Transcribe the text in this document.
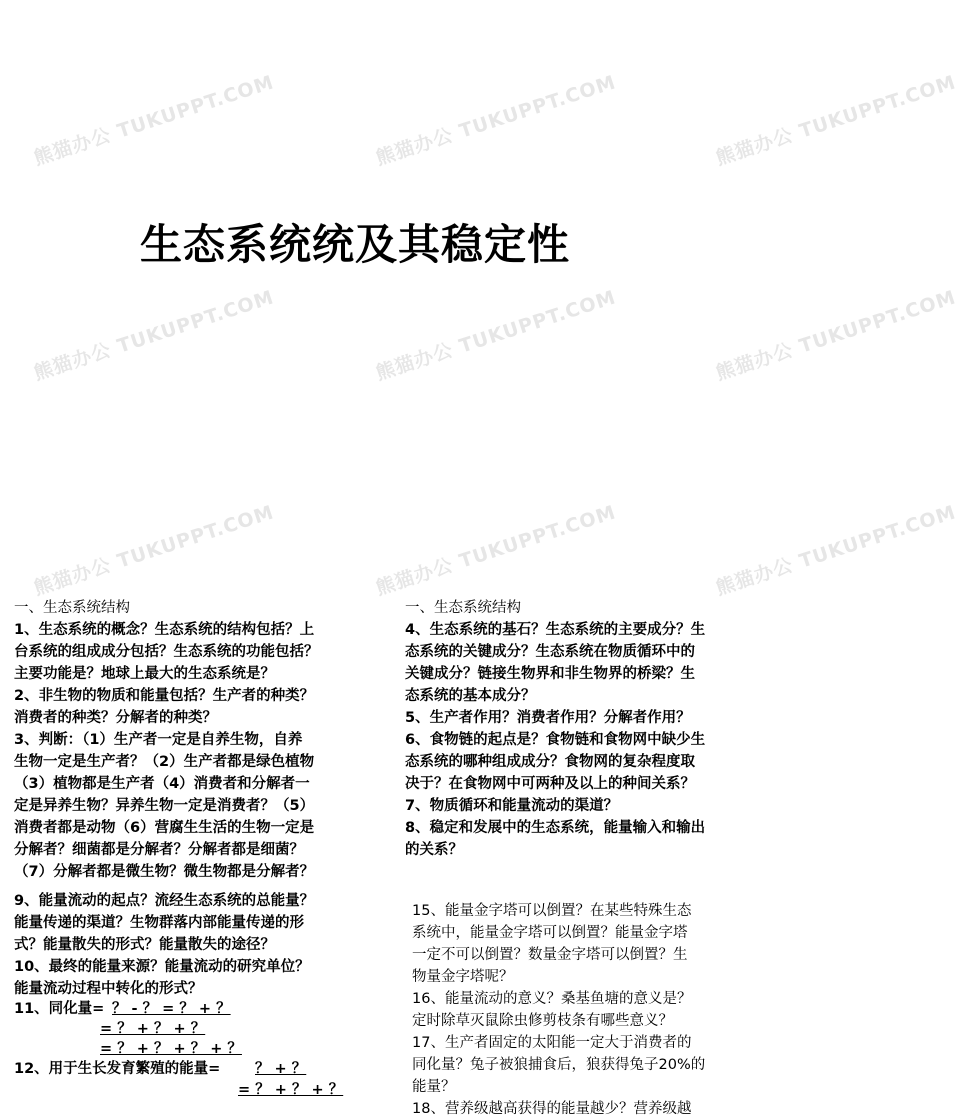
熊猫办公 TUKUPPT.COM	熊猫办公 TUKUPPT.COM	熊猫办公 TUKUPPT.COM
熊猫办公 TUKUPPT.COM	熊猫办公 TUKUPPT.COM	熊猫办公 TUKUPPT.COM
熊猫办公 TUKUPPT.COM	熊猫办公 TUKUPPT.COM	熊猫办公 TUKUPPT.COM
生态系统统及其稳定性

一、生态系统结构

1、生态系统的概念？生态系统的结构包括？上

台系统的组成成分包括？生态系统的功能包括？

主要功能是？地球上最大的生态系统是？

2、非生物的物质和能量包括？生产者的种类？

消费者的种类？分解者的种类？

3、判断：（1）生产者一定是自养生物，自养

生物一定是生产者？（2）生产者都是绿色植物

（3）植物都是生产者（4）消费者和分解者一

定是异养生物？异养生物一定是消费者？（5）

消费者都是动物（6）营腐生生活的生物一定是

分解者？细菌都是分解者？分解者都是细菌？

（7）分解者都是微生物？微生物都是分解者？

一、生态系统结构

4、生态系统的基石？生态系统的主要成分？生

态系统的关键成分？生态系统在物质循环中的

关键成分？链接生物界和非生物界的桥梁？生

态系统的基本成分？

5、生产者作用？消费者作用？分解者作用？

6、食物链的起点是？食物链和食物网中缺少生

态系统的哪种组成成分？食物网的复杂程度取

决于？在食物网中可两种及以上的种间关系？

7、物质循环和能量流动的渠道？

8、稳定和发展中的生态系统，能量输入和输出

的关系？

9、能量流动的起点？流经生态系统的总能量？

能量传递的渠道？生物群落内部能量传递的形

式？能量散失的形式？能量散失的途径？

10、最终的能量来源？能量流动的研究单位？

能量流动过程中转化的形式？

11、同化量= ？ - ？ = ？ + ？
= ？ + ？ + ？
= ？ + ？ + ？ + ？
12、用于生长发育繁殖的能量= ？ + ？
= ？ + ？ + ？

15、能量金字塔可以倒置？在某些特殊生态

系统中，能量金字塔可以倒置？能量金字塔

一定不可以倒置？数量金字塔可以倒置？生

物量金字塔呢？

16、能量流动的意义？桑基鱼塘的意义是？

定时除草灭鼠除虫修剪枝条有哪些意义？

17、生产者固定的太阳能一定大于消费者的

同化量？兔子被狼捕食后，狼获得兔子20%的

能量？

18、营养级越高获得的能量越少？营养级越
